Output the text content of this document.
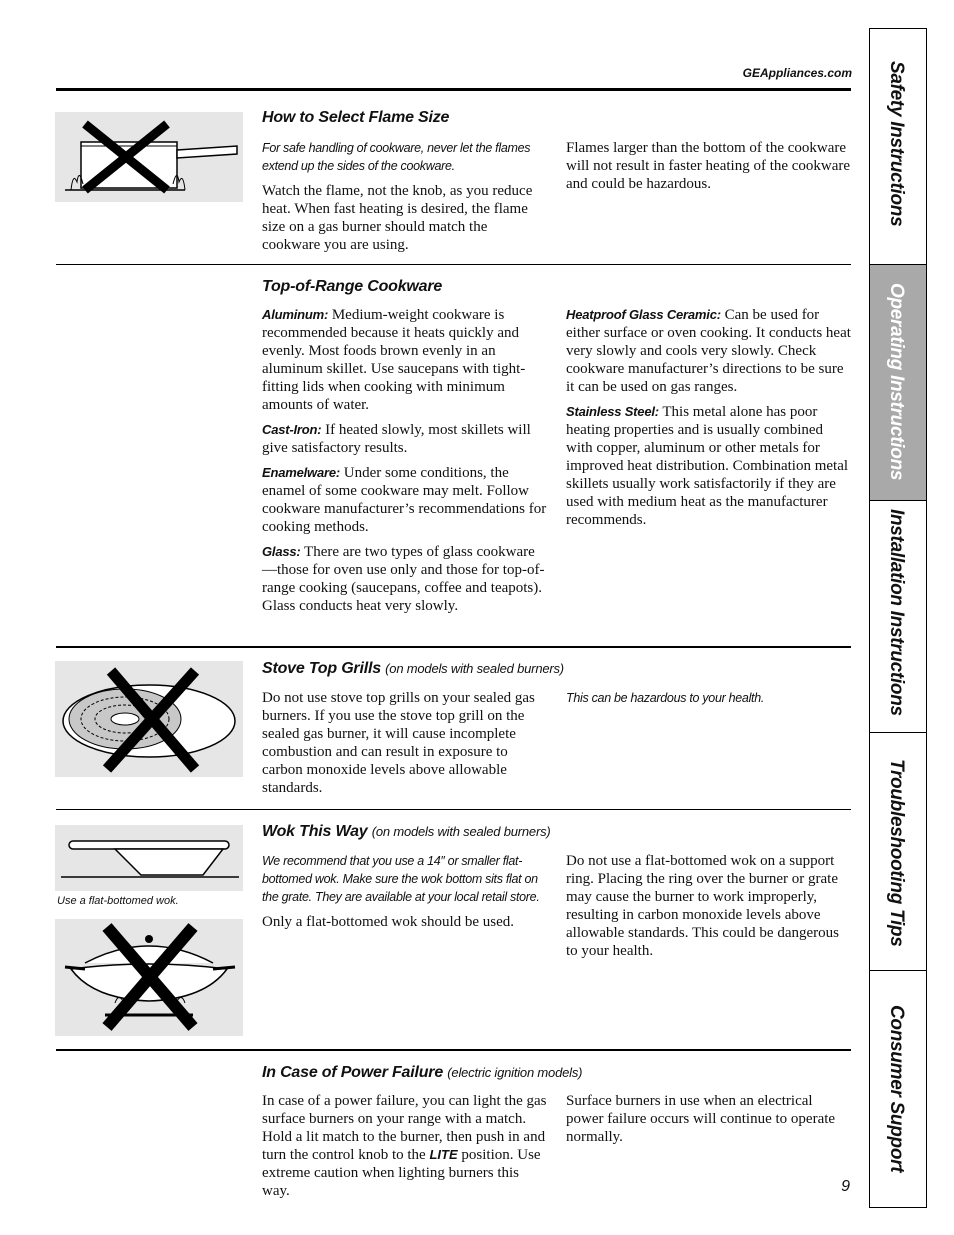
GEAppliances.com
How to Select Flame Size

For safe handling of cookware, never let the flames extend up the sides of the cookware.

Watch the flame, not the knob, as you reduce heat. When fast heating is desired, the flame size on a gas burner should match the cookware you are using.

Flames larger than the bottom of the cookware will not result in faster heating of the cookware and could be hazardous.

Top-of-Range Cookware

Aluminum: Medium-weight cookware is recommended because it heats quickly and evenly. Most foods brown evenly in an aluminum skillet. Use saucepans with tight-fitting lids when cooking with minimum amounts of water.

Cast-Iron: If heated slowly, most skillets will give satisfactory results.

Enamelware: Under some conditions, the enamel of some cookware may melt. Follow cookware manufacturer’s recommendations for cooking methods.

Glass: There are two types of glass cookware—those for oven use only and those for top-of-range cooking (saucepans, coffee and teapots). Glass conducts heat very slowly.

Heatproof Glass Ceramic: Can be used for either surface or oven cooking. It conducts heat very slowly and cools very slowly. Check cookware manufacturer’s directions to be sure it can be used on gas ranges.

Stainless Steel: This metal alone has poor heating properties and is usually combined with copper, aluminum or other metals for improved heat distribution. Combination metal skillets usually work satisfactorily if they are used with medium heat as the manufacturer recommends.

Stove Top Grills (on models with sealed burners)

Do not use stove top grills on your sealed gas burners. If you use the stove top grill on the sealed gas burner, it will cause incomplete combustion and can result in exposure to carbon monoxide levels above allowable standards.

This can be hazardous to your health.

Use a flat-bottomed wok.
Wok This Way (on models with sealed burners)

We recommend that you use a 14″ or smaller flat-bottomed wok. Make sure the wok bottom sits flat on the grate. They are available at your local retail store.

Only a flat-bottomed wok should be used.

Do not use a flat-bottomed wok on a support ring. Placing the ring over the burner or grate may cause the burner to work improperly, resulting in carbon monoxide levels above allowable standards. This could be dangerous to your health.

In Case of Power Failure (electric ignition models)

In case of a power failure, you can light the gas surface burners on your range with a match. Hold a lit match to the burner, then push in and turn the control knob to the LITE position. Use extreme caution when lighting burners this way.

Surface burners in use when an electrical power failure occurs will continue to operate normally.

9
Safety Instructions
Operating Instructions
Installation Instructions
Troubleshooting Tips
Consumer Support
